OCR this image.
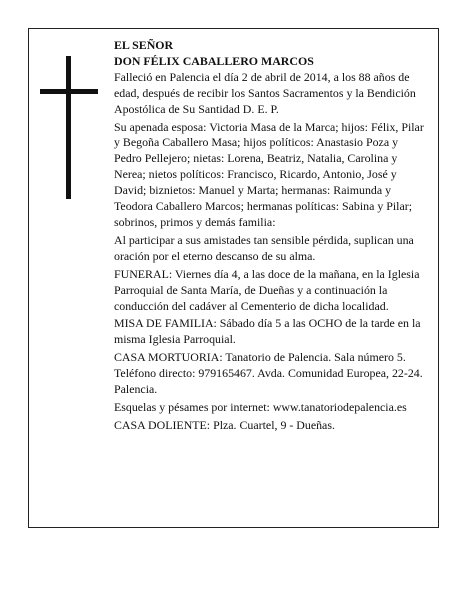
EL SEÑOR
DON FÉLIX CABALLERO MARCOS

Falleció en Palencia el día 2 de abril de 2014, a los 88 años de edad, después de recibir los Santos Sacramentos y la Bendición Apostólica de Su Santidad D. E. P.

Su apenada esposa: Victoria Masa de la Marca; hijos: Félix, Pilar y Begoña Caballero Masa; hijos políticos: Anastasio Poza y Pedro Pellejero; nietas: Lorena, Beatriz, Natalia, Carolina y Nerea; nietos políticos: Francisco, Ricardo, Antonio, José y David; biznietos: Manuel y Marta; hermanas: Raimunda y Teodora Caballero Marcos; hermanas políticas: Sabina y Pilar; sobrinos, primos y demás familia:

Al participar a sus amistades tan sensible pérdida, suplican una oración por el eterno descanso de su alma.

FUNERAL: Viernes día 4, a las doce de la mañana, en la Iglesia Parroquial de Santa María, de Dueñas y a continuación la conducción del cadáver al Cementerio de dicha localidad.

MISA DE FAMILIA: Sábado día 5 a las OCHO de la tarde en la misma Iglesia Parroquial.

CASA MORTUORIA: Tanatorio de Palencia. Sala número 5. Teléfono directo: 979165467. Avda. Comunidad Europea, 22-24. Palencia.

Esquelas y pésames por internet: www.tanatoriodepalencia.es

CASA DOLIENTE: Plza. Cuartel, 9 - Dueñas.
